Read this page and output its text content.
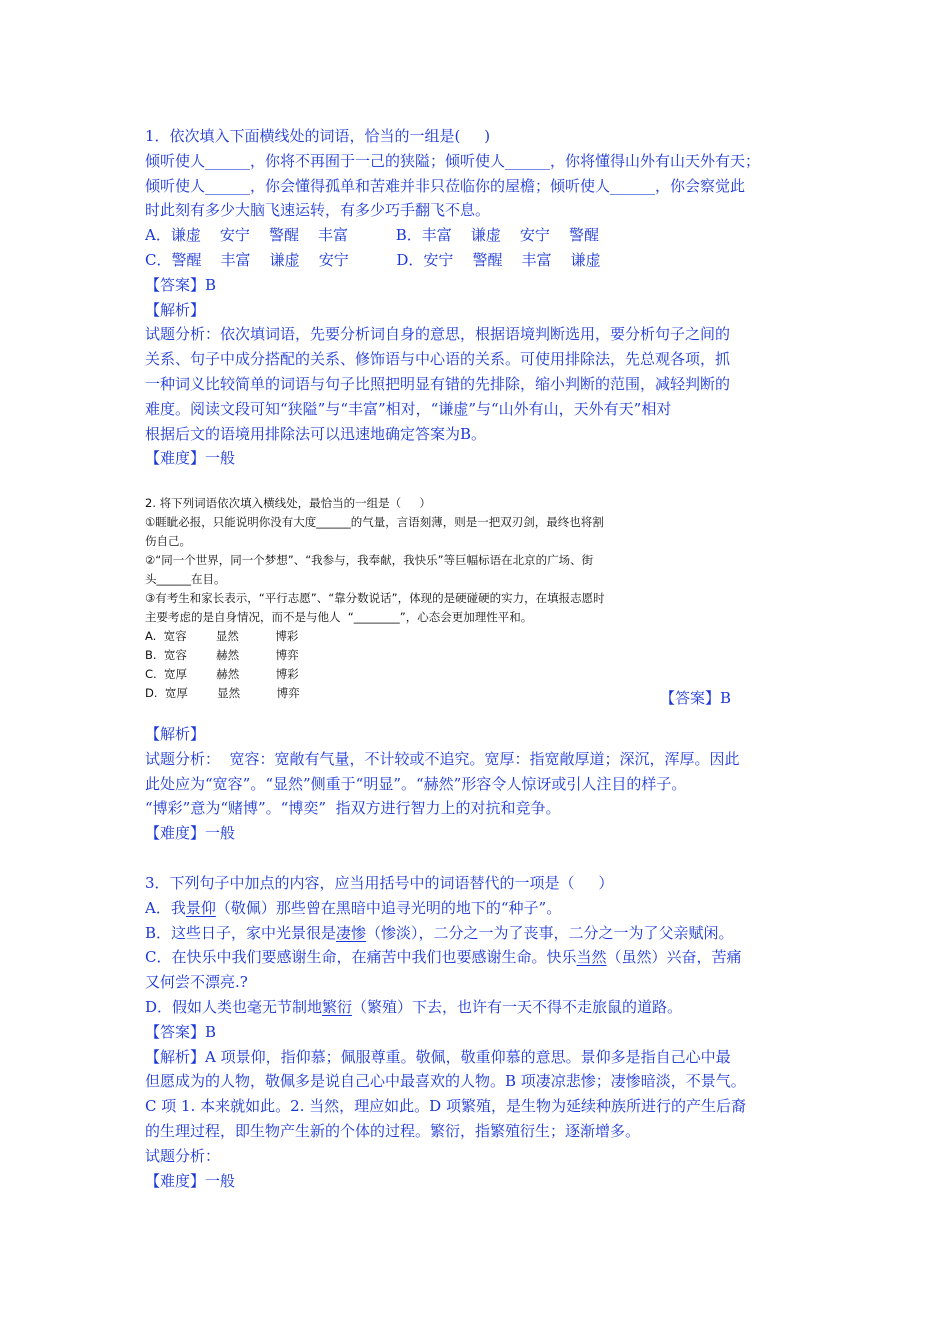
1．依次填入下面横线处的词语，恰当的一组是(     )
倾听使人______，你将不再囿于一己的狭隘；倾听使人______，你将懂得山外有山天外有天；
倾听使人______，你会懂得孤单和苦难并非只莅临你的屋檐；倾听使人______，你会察觉此
时此刻有多少大脑飞速运转，有多少巧手翻飞不息。
A．谦虚    安宁    警醒    丰富          B．丰富    谦虚    安宁    警醒
C．警醒    丰富    谦虚    安宁          D．安宁    警醒    丰富    谦虚
【答案】B
【解析】
试题分析：依次填词语，先要分析词自身的意思，根据语境判断选用，要分析句子之间的
关系、句子中成分搭配的关系、修饰语与中心语的关系。可使用排除法，先总观各项，抓
一种词义比较简单的词语与句子比照把明显有错的先排除，缩小判断的范围，减轻判断的
难度。阅读文段可知“狭隘”与“丰富”相对，“谦虚”与“山外有山，天外有天”相对
根据后文的语境用排除法可以迅速地确定答案为B。
【难度】一般
2. 将下列词语依次填入横线处，最恰当的一组是（     ）
①睚眦必报，只能说明你没有大度______的气量，言语刻薄，则是一把双刃剑，最终也将割
伤自己。
②“同一个世界，同一个梦想”、“我参与，我奉献，我快乐”等巨幅标语在北京的广场、街
头______在目。
③有考生和家长表示，“平行志愿”、“靠分数说话”，体现的是硬碰硬的实力，在填报志愿时
主要考虑的是自身情况，而不是与他人  “________”，心态会更加理性平和。
A.  宽容        显然          博彩
B.  宽容        赫然          博弈
C.  宽厚        赫然          博彩
D.  宽厚        显然          博弈	【答案】B
【解析】
试题分析：  宽容：宽敞有气量，不计较或不追究。宽厚：指宽敞厚道；深沉，浑厚。因此
此处应为“宽容”。“显然”侧重于“明显”。“赫然”形容令人惊讶或引人注目的样子。
“博彩”意为“赌博”。“博奕”  指双方进行智力上的对抗和竞争。
【难度】一般
3．下列句子中加点的内容，应当用括号中的词语替代的一项是（     ）
A．我景仰（敬佩）那些曾在黑暗中追寻光明的地下的“种子”。
B．这些日子，家中光景很是凄惨（惨淡），二分之一为了丧事，二分之一为了父亲赋闲。
C．在快乐中我们要感谢生命，在痛苦中我们也要感谢生命。快乐当然（虽然）兴奋，苦痛
又何尝不漂亮.?
D．假如人类也毫无节制地繁衍（繁殖）下去，也许有一天不得不走旅鼠的道路。
【答案】B
【解析】A 项景仰，指仰慕；佩服尊重。敬佩，敬重仰慕的意思。景仰多是指自己心中最
但愿成为的人物，敬佩多是说自己心中最喜欢的人物。B 项凄凉悲惨；凄惨暗淡，不景气。
C 项 1. 本来就如此。2. 当然，理应如此。D 项繁殖，是生物为延续种族所进行的产生后裔
的生理过程，即生物产生新的个体的过程。繁衍，指繁殖衍生；逐渐增多。
试题分析：
【难度】一般
